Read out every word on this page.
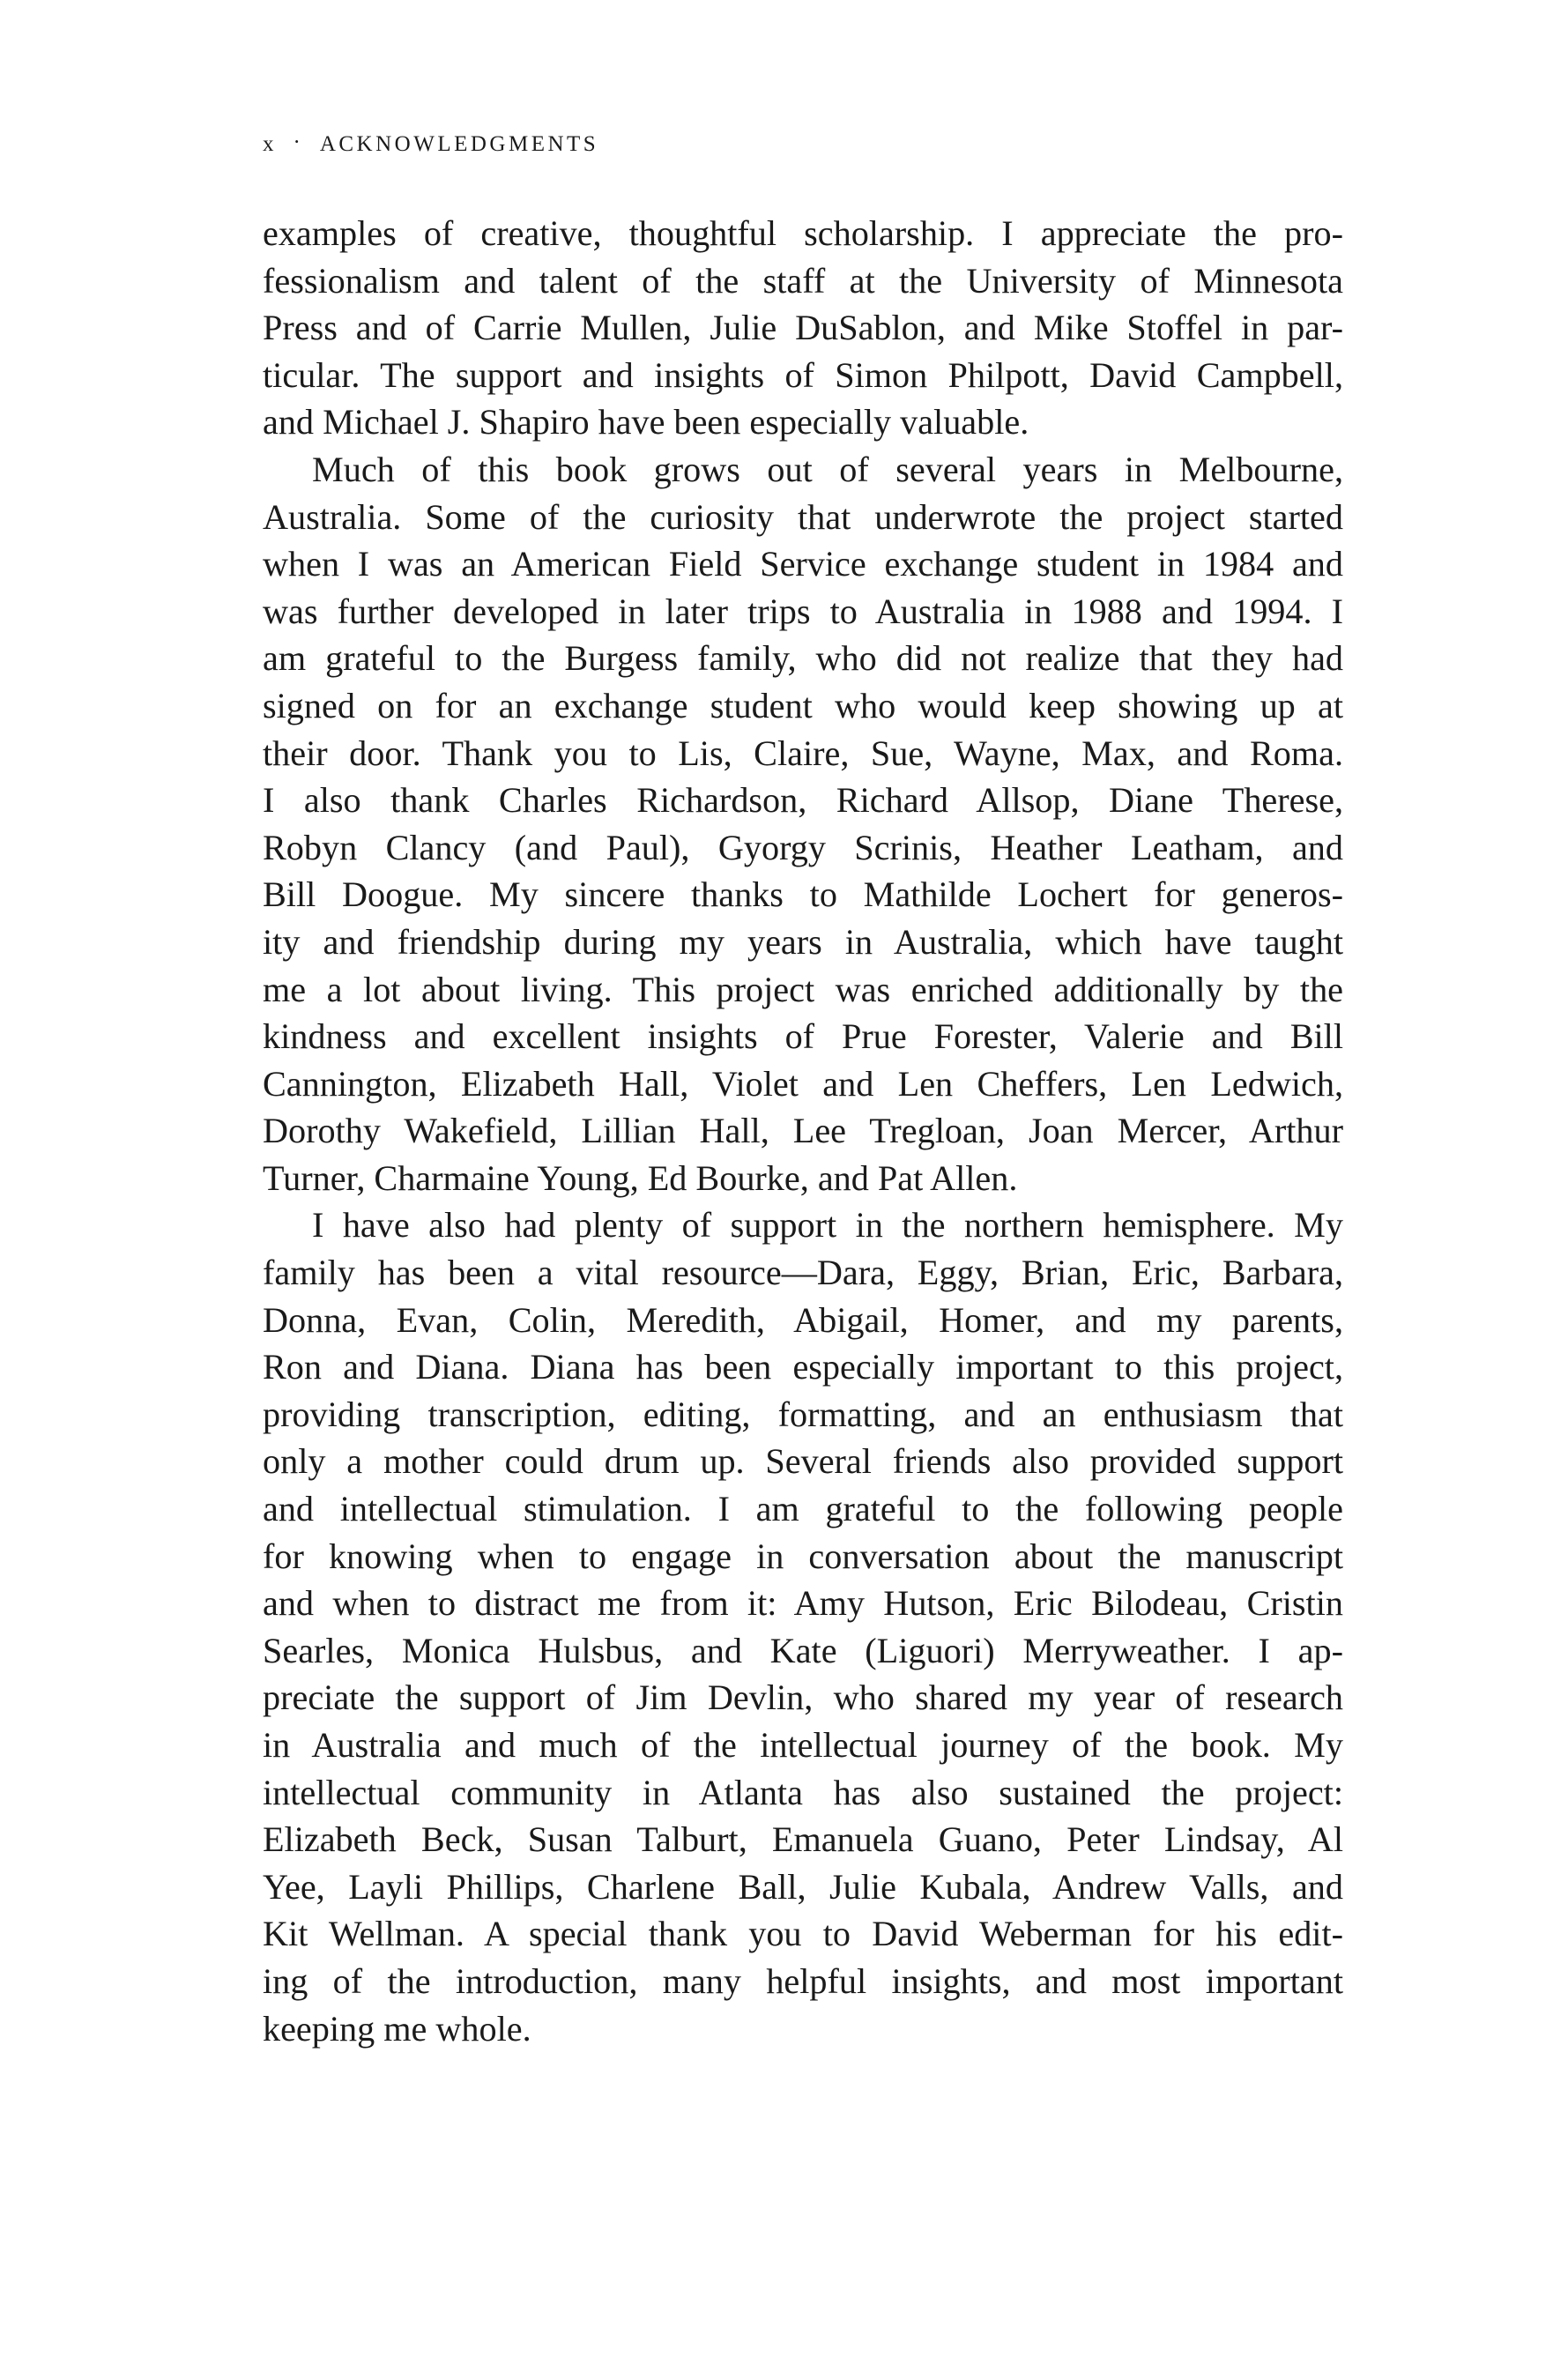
x · ACKNOWLEDGMENTS
examples of creative, thoughtful scholarship. I appreciate the pro-
fessionalism and talent of the staff at the University of Minnesota
Press and of Carrie Mullen, Julie DuSablon, and Mike Stoffel in par-
ticular. The support and insights of Simon Philpott, David Campbell,
and Michael J. Shapiro have been especially valuable.
Much of this book grows out of several years in Melbourne,
Australia. Some of the curiosity that underwrote the project started
when I was an American Field Service exchange student in 1984 and
was further developed in later trips to Australia in 1988 and 1994. I
am grateful to the Burgess family, who did not realize that they had
signed on for an exchange student who would keep showing up at
their door. Thank you to Lis, Claire, Sue, Wayne, Max, and Roma.
I also thank Charles Richardson, Richard Allsop, Diane Therese,
Robyn Clancy (and Paul), Gyorgy Scrinis, Heather Leatham, and
Bill Doogue. My sincere thanks to Mathilde Lochert for generos-
ity and friendship during my years in Australia, which have taught
me a lot about living. This project was enriched additionally by the
kindness and excellent insights of Prue Forester, Valerie and Bill
Cannington, Elizabeth Hall, Violet and Len Cheffers, Len Ledwich,
Dorothy Wakefield, Lillian Hall, Lee Tregloan, Joan Mercer, Arthur
Turner, Charmaine Young, Ed Bourke, and Pat Allen.
I have also had plenty of support in the northern hemisphere. My
family has been a vital resource—Dara, Eggy, Brian, Eric, Barbara,
Donna, Evan, Colin, Meredith, Abigail, Homer, and my parents,
Ron and Diana. Diana has been especially important to this project,
providing transcription, editing, formatting, and an enthusiasm that
only a mother could drum up. Several friends also provided support
and intellectual stimulation. I am grateful to the following people
for knowing when to engage in conversation about the manuscript
and when to distract me from it: Amy Hutson, Eric Bilodeau, Cristin
Searles, Monica Hulsbus, and Kate (Liguori) Merryweather. I ap-
preciate the support of Jim Devlin, who shared my year of research
in Australia and much of the intellectual journey of the book. My
intellectual community in Atlanta has also sustained the project:
Elizabeth Beck, Susan Talburt, Emanuela Guano, Peter Lindsay, Al
Yee, Layli Phillips, Charlene Ball, Julie Kubala, Andrew Valls, and
Kit Wellman. A special thank you to David Weberman for his edit-
ing of the introduction, many helpful insights, and most important
keeping me whole.
